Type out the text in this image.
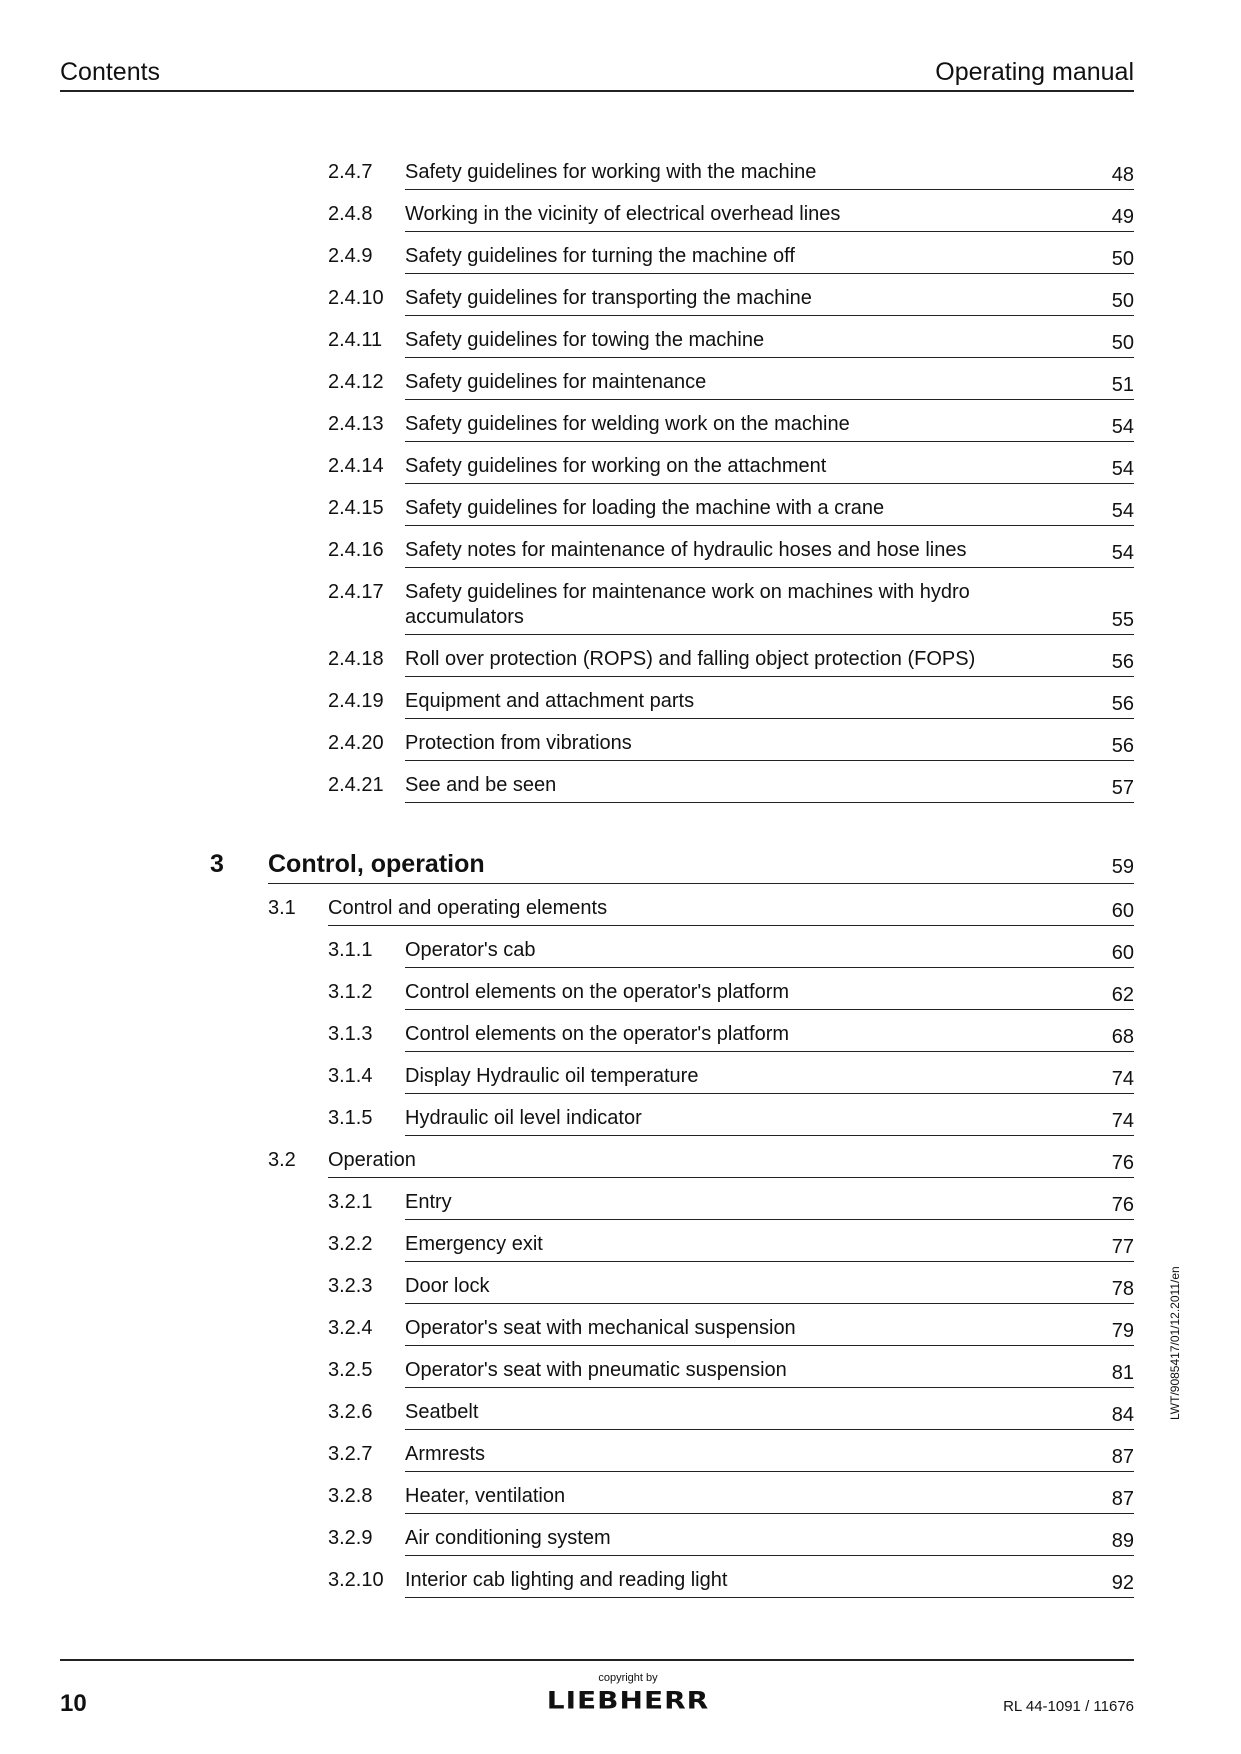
Contents	Operating manual
2.4.7 Safety guidelines for working with the machine	48
2.4.8 Working in the vicinity of electrical overhead lines	49
2.4.9 Safety guidelines for turning the machine off	50
2.4.10 Safety guidelines for transporting the machine	50
2.4.11 Safety guidelines for towing the machine	50
2.4.12 Safety guidelines for maintenance	51
2.4.13 Safety guidelines for welding work on the machine	54
2.4.14 Safety guidelines for working on the attachment	54
2.4.15 Safety guidelines for loading the machine with a crane	54
2.4.16 Safety notes for maintenance of hydraulic hoses and hose lines	54
2.4.17 Safety guidelines for maintenance work on machines with hydro
accumulators	55
2.4.18 Roll over protection (ROPS) and falling object protection (FOPS)	56
2.4.19 Equipment and attachment parts	56
2.4.20 Protection from vibrations	56
2.4.21 See and be seen	57
3 Control, operation	59
3.1 Control and operating elements	60
3.1.1 Operator's cab	60
3.1.2 Control elements on the operator's platform	62
3.1.3 Control elements on the operator's platform	68
3.1.4 Display Hydraulic oil temperature	74
3.1.5 Hydraulic oil level indicator	74
3.2 Operation	76
3.2.1 Entry	76
3.2.2 Emergency exit	77
3.2.3 Door lock	78
3.2.4 Operator's seat with mechanical suspension	79
3.2.5 Operator's seat with pneumatic suspension	81
3.2.6 Seatbelt	84
3.2.7 Armrests	87
3.2.8 Heater, ventilation	87
3.2.9 Air conditioning system	89
3.2.10 Interior cab lighting and reading light	92
10
copyright by
LIEBHERR	RL 44-1091 / 11676
LWT/9085417/01/12.2011/en
